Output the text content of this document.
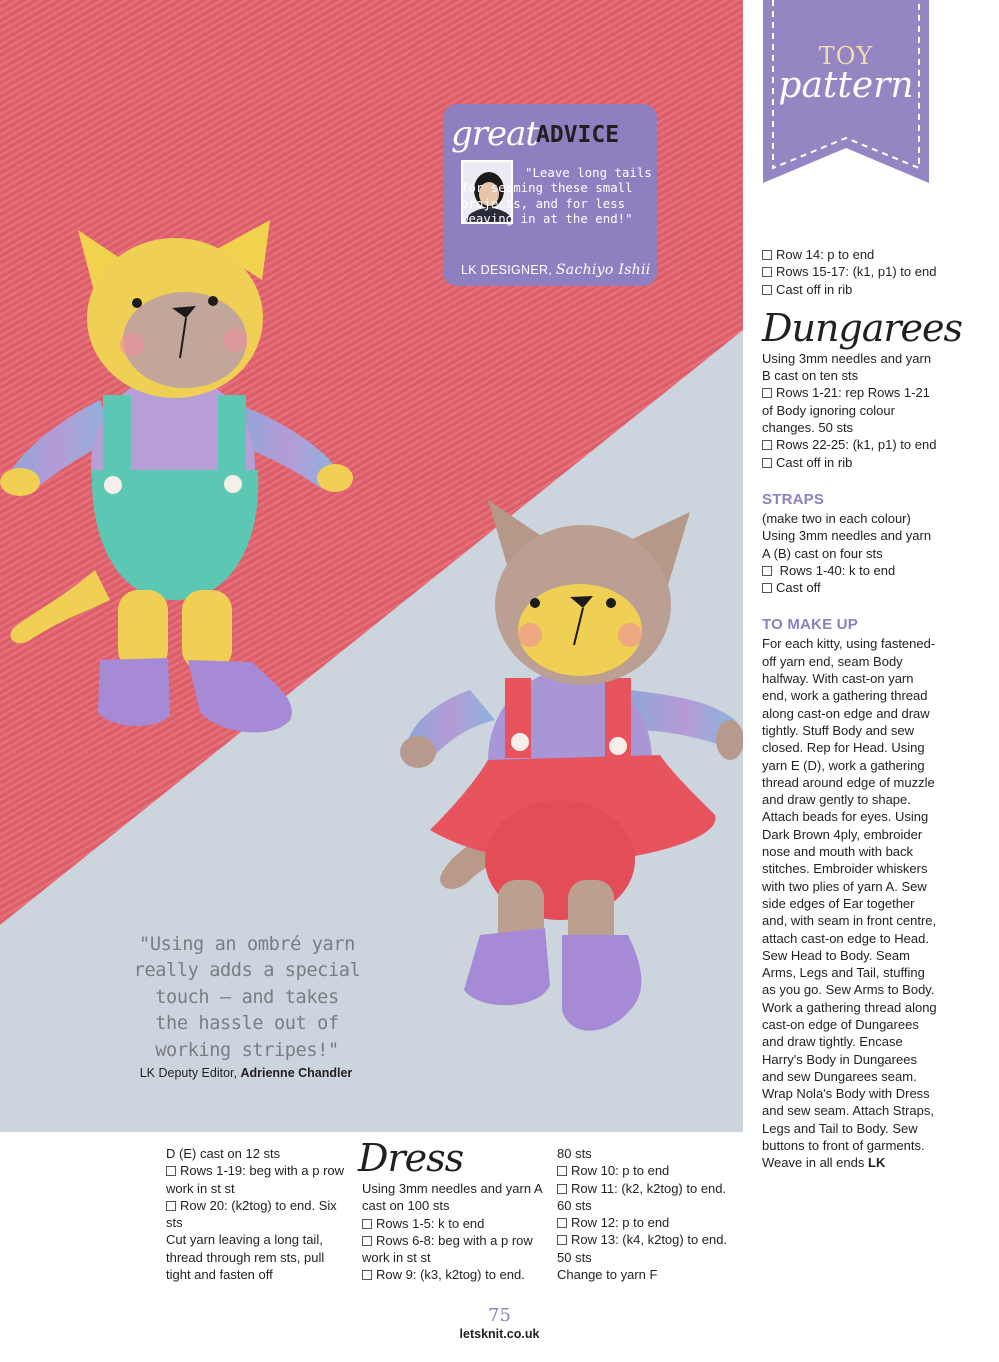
great
ADVICE

"Leave long tails for seaming these small projects, and for less weaving in at the end!"

LK DESIGNER, Sachiyo Ishii

"Using an ombré yarn
really adds a special
touch – and takes
the hassle out of
working stripes!"
LK Deputy Editor, Adrienne Chandler
TOY
pattern

Row 14: p to end

Rows 15-17: (k1, p1) to end

Cast off in rib

Dungarees

Using 3mm needles and yarn B cast on ten sts

Rows 1-21: rep Rows 1-21 of Body ignoring colour changes. 50 sts

Rows 22-25: (k1, p1) to end

Cast off in rib

STRAPS

(make two in each colour) Using 3mm needles and yarn A (B) cast on four sts

Rows 1-40: k to end

Cast off

TO MAKE UP

For each kitty, using fastened-off yarn end, seam Body halfway. With cast-on yarn end, work a gathering thread along cast-on edge and draw tightly. Stuff Body and sew closed. Rep for Head. Using yarn E (D), work a gathering thread around edge of muzzle and draw gently to shape. Attach beads for eyes. Using Dark Brown 4ply, embroider nose and mouth with back stitches. Embroider whiskers with two plies of yarn A. Sew side edges of Ear together and, with seam in front centre, attach cast-on edge to Head. Sew Head to Body. Seam Arms, Legs and Tail, stuffing as you go. Sew Arms to Body. Work a gathering thread along cast-on edge of Dungarees and draw tightly. Encase Harry's Body in Dungarees and sew Dungarees seam. Wrap Nola's Body with Dress and sew seam. Attach Straps, Legs and Tail to Body. Sew buttons to front of garments. Weave in all ends LK

D (E) cast on 12 sts

Rows 1-19: beg with a p row work in st st

Row 20: (k2tog) to end. Six sts

Cut yarn leaving a long tail, thread through rem sts, pull tight and fasten off

Dress

Using 3mm needles and yarn A cast on 100 sts

Rows 1-5: k to end

Rows 6-8: beg with a p row work in st st

Row 9: (k3, k2tog) to end.

80 sts

Row 10: p to end

Row 11: (k2, k2tog) to end. 60 sts

Row 12: p to end

Row 13: (k4, k2tog) to end. 50 sts

Change to yarn F

75
letsknit.co.uk
